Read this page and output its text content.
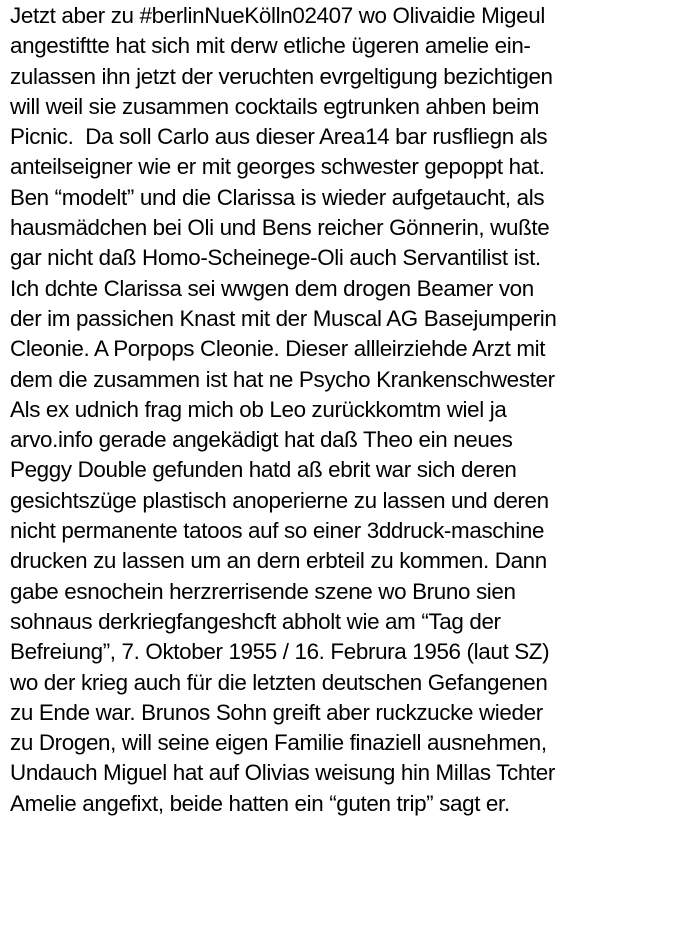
Jetzt aber zu #berlinNueKölln02407 wo Olivaidie Migeul
angestiftte hat sich mit derw etliche ügeren amelie ein-
zulassen ihn jetzt der veruchten evrgeltigung bezichtigen
will weil sie zusammen cocktails egtrunken ahben beim
Picnic.  Da soll Carlo aus dieser Area14 bar rusfliegn als
anteilseigner wie er mit georges schwester gepoppt hat.
Ben “modelt” und die Clarissa is wieder aufgetaucht, als
hausmädchen bei Oli und Bens reicher Gönnerin, wußte
gar nicht daß Homo-Scheinege-Oli auch Servantilist ist.
Ich dchte Clarissa sei wwgen dem drogen Beamer von
der im passichen Knast mit der Muscal AG Basejumperin
Cleonie. A Porpops Cleonie. Dieser allleirziehde Arzt mit
dem die zusammen ist hat ne Psycho Krankenschwester
Als ex udnich frag mich ob Leo zurückkomtm wiel ja
arvo.info gerade angekädigt hat daß Theo ein neues
Peggy Double gefunden hatd aß ebrit war sich deren
gesichtszüge plastisch anoperierne zu lassen und deren
nicht permanente tatoos auf so einer 3ddruck-maschine
drucken zu lassen um an dern erbteil zu kommen. Dann
gabe esnochein herzrerrisende szene wo Bruno sien
sohnaus derkriegfangeshcft abholt wie am “Tag der
Befreiung”, 7. Oktober 1955 / 16. Februra 1956 (laut SZ)
wo der krieg auch für die letzten deutschen Gefangenen
zu Ende war. Brunos Sohn greift aber ruckzucke wieder
zu Drogen, will seine eigen Familie finaziell ausnehmen,
Undauch Miguel hat auf Olivias weisung hin Millas Tchter
Amelie angefixt, beide hatten ein “guten trip” sagt er.
